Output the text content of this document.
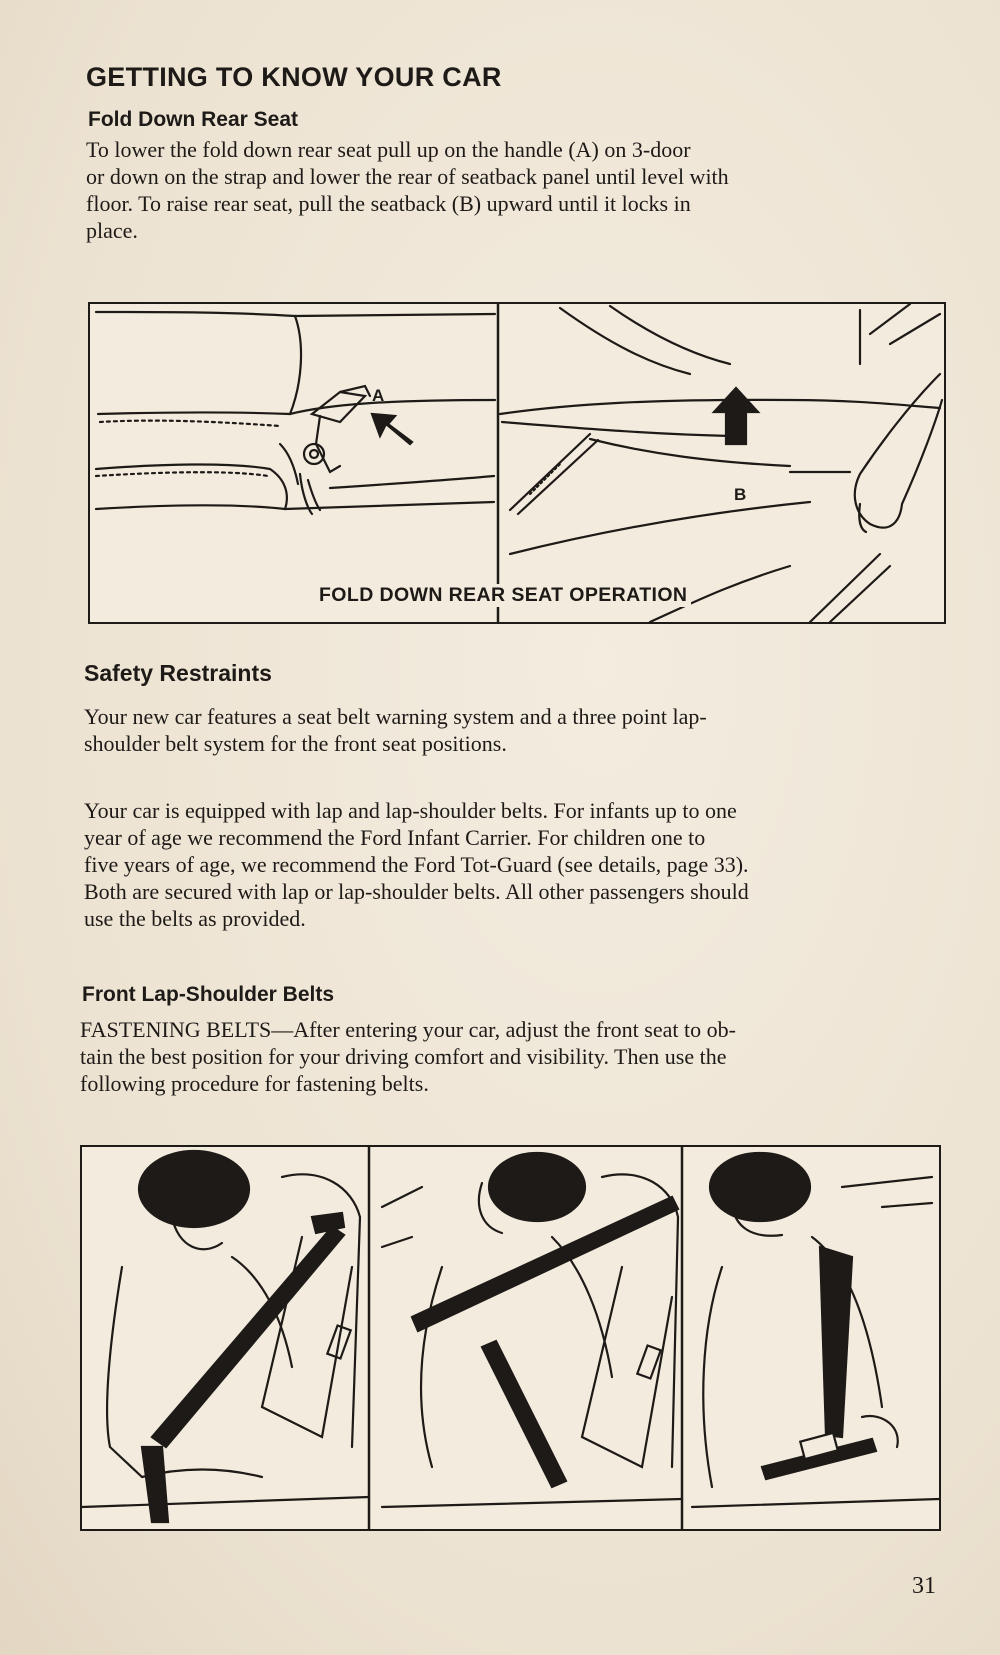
GETTING TO KNOW YOUR CAR
Fold Down Rear Seat
To lower the fold down rear seat pull up on the handle (A) on 3-door
or down on the strap and lower the rear of seatback panel until level with
floor. To raise rear seat, pull the seatback (B) upward until it locks in
place.
A
B
FOLD DOWN REAR SEAT OPERATION
Safety Restraints
Your new car features a seat belt warning system and a three point lap-
shoulder belt system for the front seat positions.
Your car is equipped with lap and lap-shoulder belts. For infants up to one
year of age we recommend the Ford Infant Carrier. For children one to
five years of age, we recommend the Ford Tot-Guard (see details, page 33).
Both are secured with lap or lap-shoulder belts. All other passengers should
use the belts as provided.
Front Lap-Shoulder Belts
FASTENING BELTS—After entering your car, adjust the front seat to ob-
tain the best position for your driving comfort and visibility. Then use the
following procedure for fastening belts.
31
